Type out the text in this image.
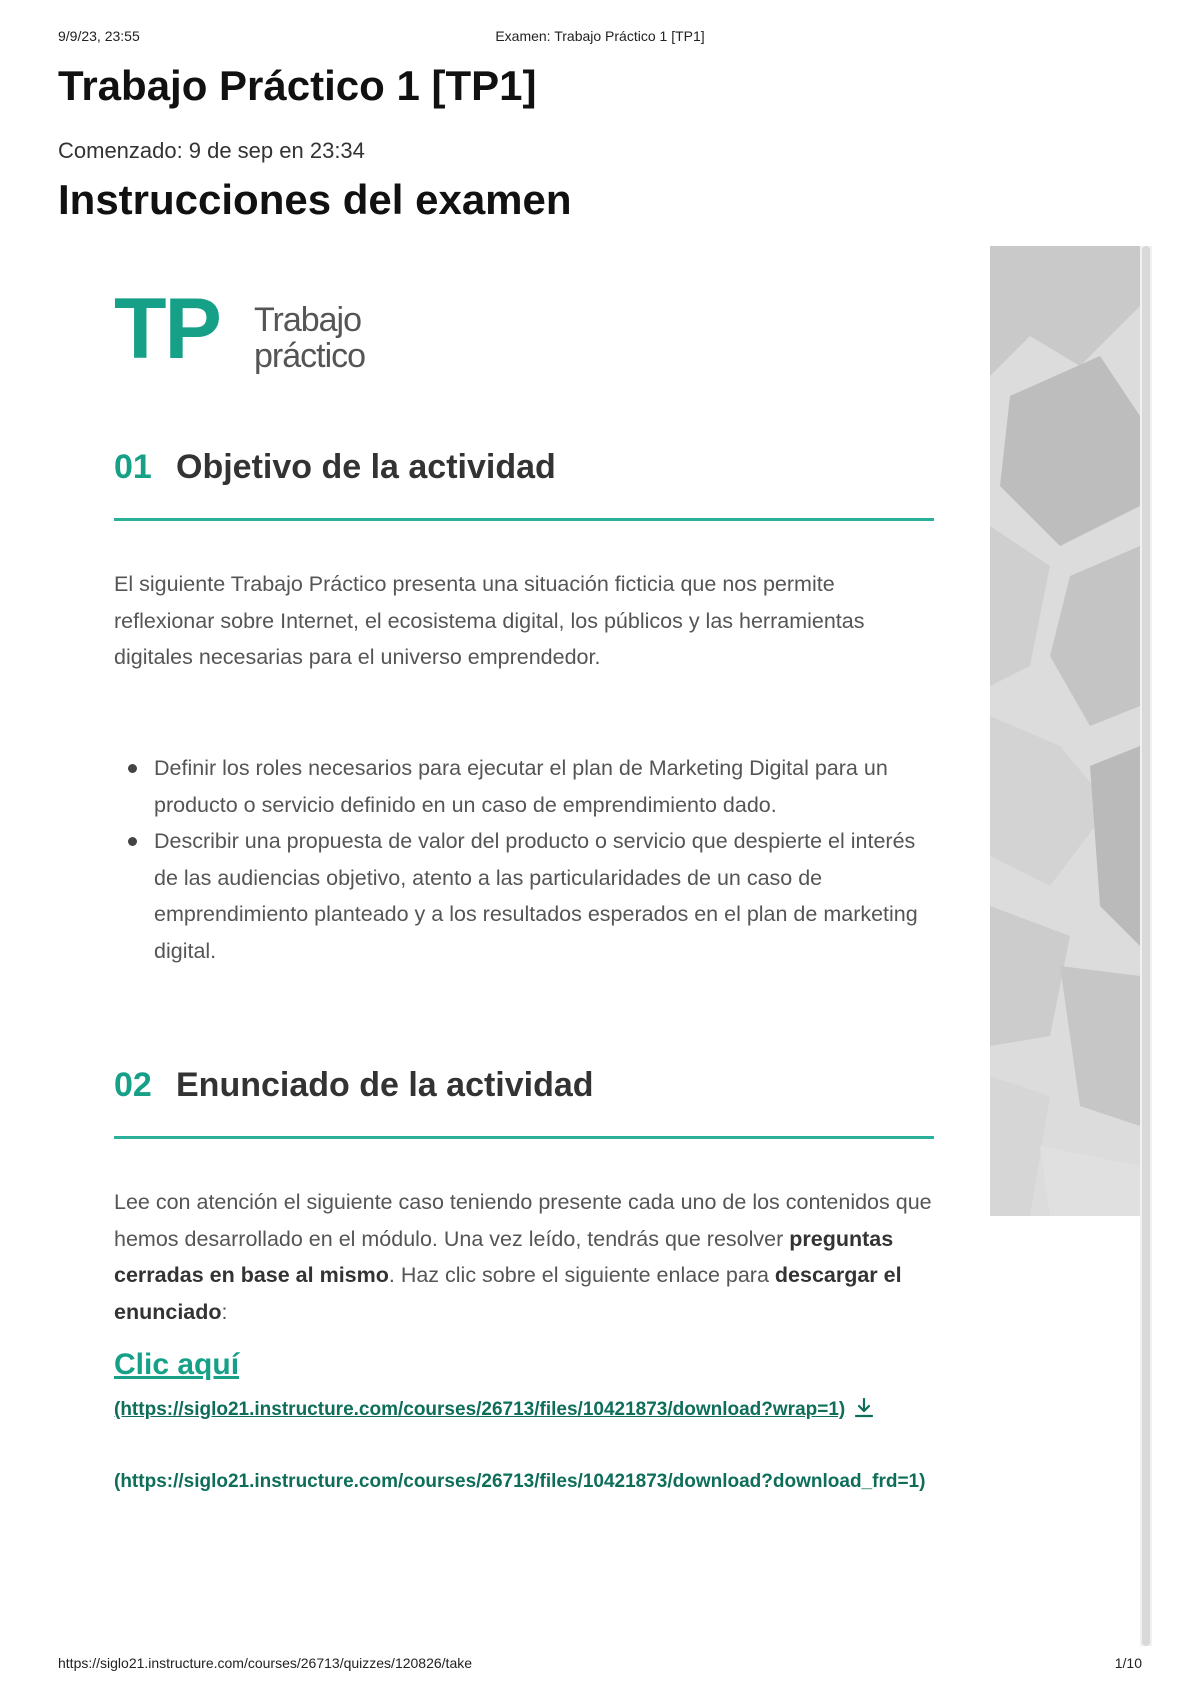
9/9/23, 23:55	Examen: Trabajo Práctico 1 [TP1]
Trabajo Práctico 1 [TP1]
Comenzado: 9 de sep en 23:34
Instrucciones del examen
TP Trabajo
práctico
01 Objetivo de la actividad

El siguiente Trabajo Práctico presenta una situación ficticia que nos permite reflexionar sobre Internet, el ecosistema digital, los públicos y las herramientas digitales necesarias para el universo emprendedor.

Definir los roles necesarios para ejecutar el plan de Marketing Digital para un producto o servicio definido en un caso de emprendimiento dado.
Describir una propuesta de valor del producto o servicio que despierte el interés de las audiencias objetivo, atento a las particularidades de un caso de emprendimiento planteado y a los resultados esperados en el plan de marketing digital.
02 Enunciado de la actividad

Lee con atención el siguiente caso teniendo presente cada uno de los contenidos que hemos desarrollado en el módulo. Una vez leído, tendrás que resolver preguntas cerradas en base al mismo. Haz clic sobre el siguiente enlace para descargar el enunciado:

Clic aquí
(https://siglo21.instructure.com/courses/26713/files/10421873/download?wrap=1)
(https://siglo21.instructure.com/courses/26713/files/10421873/download?download_frd=1)
https://siglo21.instructure.com/courses/26713/quizzes/120826/take	1/10
